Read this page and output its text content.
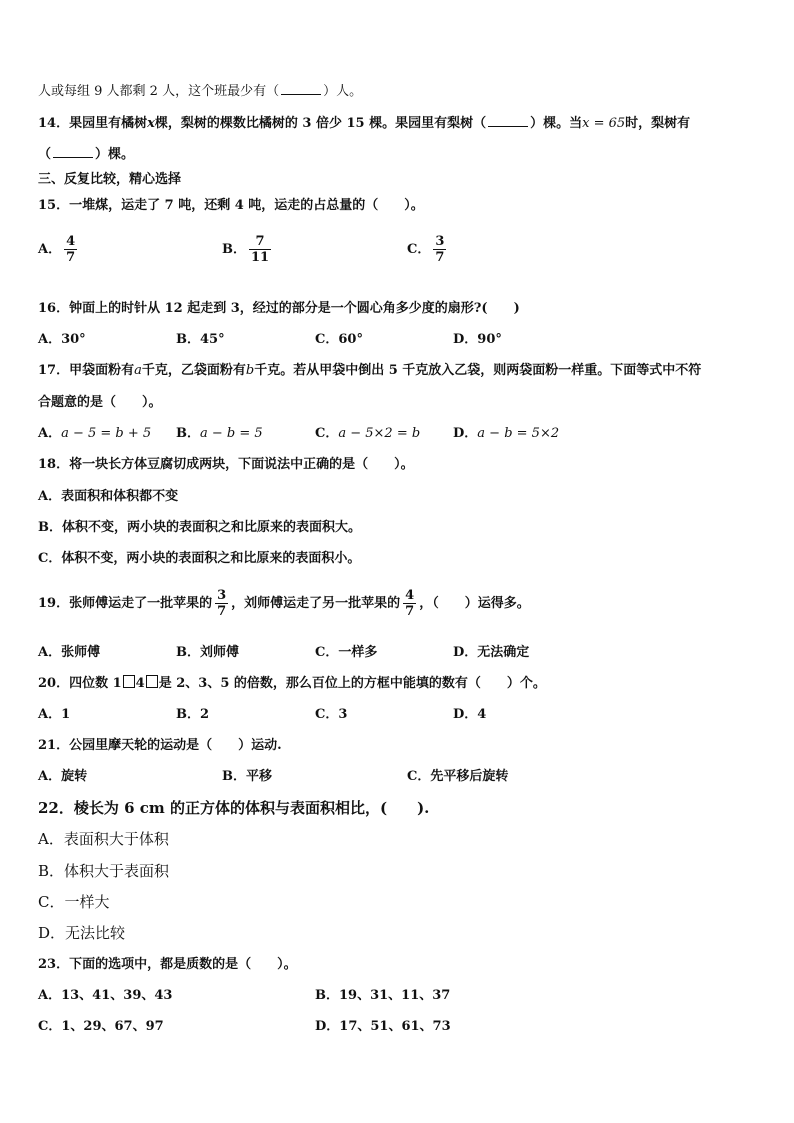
人或每组 9 人都剩 2 人，这个班最少有（	）人。
14．果园里有橘树x棵，梨树的棵数比橘树的 3 倍少 15 棵。果园里有梨树（	）棵。当x = 65时，梨树有
（	）棵。
三、反复比较，精心选择
15．一堆煤，运走了 7 吨，还剩 4 吨，运走的占总量的（　　）。
A． $\frac{4}{7}$	B． $\frac{7}{11}$	C． $\frac{3}{7}$
16．钟面上的时针从 12 起走到 3，经过的部分是一个圆心角多少度的扇形?(　　)
A．30°	B．45°	C．60°	D．90°
17．甲袋面粉有a千克，乙袋面粉有b千克。若从甲袋中倒出 5 千克放入乙袋，则两袋面粉一样重。下面等式中不符
合题意的是（　　）。
A．a − 5 = b + 5 B．a − b = 5	C．a − 5×2 = b	D．a − b = 5×2
18．将一块长方体豆腐切成两块，下面说法中正确的是（　　）。
A．表面积和体积都不变
B．体积不变，两小块的表面积之和比原来的表面积大。
C．体积不变，两小块的表面积之和比原来的表面积小。
19．张师傅运走了一批苹果的 $\frac{3}{7}$ ，刘师傅运走了另一批苹果的 $\frac{4}{7}$ ，（　　）运得多。
A．张师傅	B．刘师傅	C．一样多	D．无法确定
20．四位数 1 4 是 2、3、5 的倍数，那么百位上的方框中能填的数有（　　）个。
A．1	B．2	C．3	D．4
21．公园里摩天轮的运动是（　　）运动.
A．旋转	B．平移	C．先平移后旋转
22．棱长为 6 cm 的正方体的体积与表面积相比，(　　).
A．表面积大于体积
B．体积大于表面积
C．一样大
D．无法比较
23．下面的选项中，都是质数的是（　　）。
A．13、41、39、43	B．19、31、11、37
C．1、29、67、97	D．17、51、61、73
